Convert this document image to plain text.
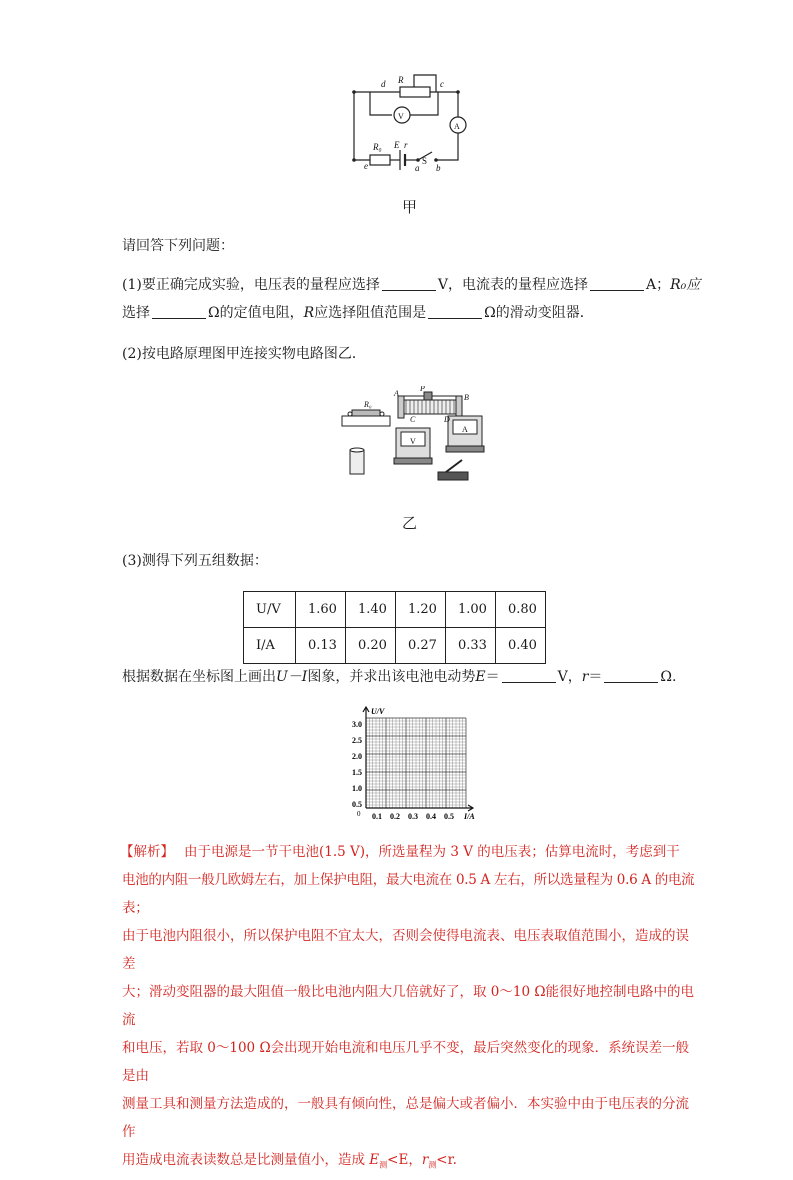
d R	c
V
A
R₀ E r
S
a b
e
甲
请回答下列问题：
(1)要正确完成实验，电压表的量程应选择	V，电流表的量程应选择	A；R₀应
选择	Ω的定值电阻，R应选择阻值范围是	Ω的滑动变阻器．
(2)按电路原理图甲连接实物电路图乙．
R₀
A
P
B
C	D
V
A
乙
(3)测得下列五组数据：
U/V	1.60	1.40	1.20	1.00	0.80
I/A	0.13	0.20	0.27	0.33	0.40
根据数据在坐标图上画出U－I图象，并求出该电池电动势E＝	V，r＝	Ω.
U/V
I/A
0
3.0
2.5
2.0
1.5
1.0
0.5
0.1 0.2 0.3 0.4 0.5
【解析】 由于电源是一节干电池(1.5 V)，所选量程为 3 V 的电压表；估算电流时，考虑到干
电池的内阻一般几欧姆左右，加上保护电阻，最大电流在 0.5 A 左右，所以选量程为 0.6 A 的电流表；
由于电池内阻很小，所以保护电阻不宜太大，否则会使得电流表、电压表取值范围小，造成的误差
大；滑动变阻器的最大阻值一般比电池内阻大几倍就好了，取 0～10 Ω能很好地控制电路中的电流
和电压，若取 0～100 Ω会出现开始电流和电压几乎不变，最后突然变化的现象．系统误差一般是由
测量工具和测量方法造成的，一般具有倾向性，总是偏大或者偏小．本实验中由于电压表的分流作
用造成电流表读数总是比测量值小，造成 $E_测<E$，$r_测<r$.
